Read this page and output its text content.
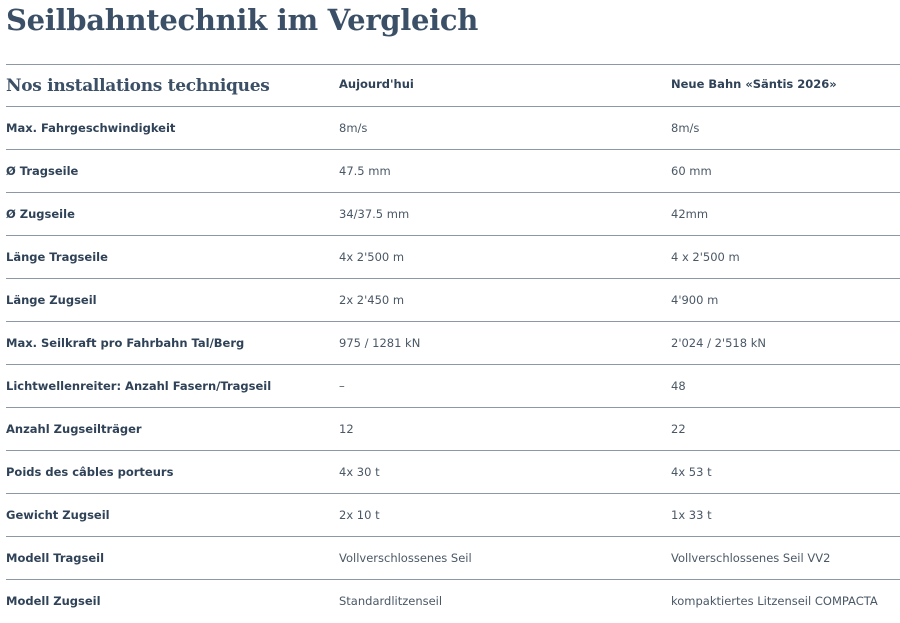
Seilbahntechnik im Vergleich
Nos installations techniques	Aujourd'hui	Neue Bahn «Säntis 2026»
Max. Fahrgeschwindigkeit	8m/s	8m/s
Ø Tragseile	47.5 mm	60 mm
Ø Zugseile	34/37.5 mm	42mm
Länge Tragseile	4x 2'500 m	4 x 2'500 m
Länge Zugseil	2x 2'450 m	4'900 m
Max. Seilkraft pro Fahrbahn Tal/Berg	975 / 1281 kN	2'024 / 2'518 kN
Lichtwellenreiter: Anzahl Fasern/Tragseil	–	48
Anzahl Zugseilträger	12	22
Poids des câbles porteurs	4x 30 t	4x 53 t
Gewicht Zugseil	2x 10 t	1x 33 t
Modell Tragseil	Vollverschlossenes Seil	Vollverschlossenes Seil VV2
Modell Zugseil	Standardlitzenseil	kompaktiertes Litzenseil COMPACTA
